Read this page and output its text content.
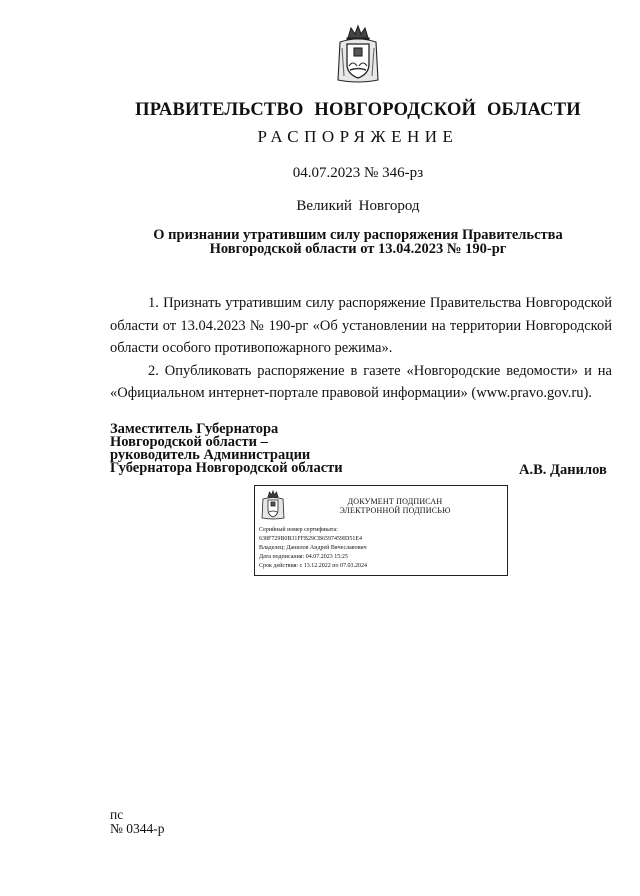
ПРАВИТЕЛЬСТВО НОВГОРОДСКОЙ ОБЛАСТИ
РАСПОРЯЖЕНИЕ
04.07.2023 № 346-рз
Великий Новгород
О признании утратившим силу распоряжения Правительства
Новгородской области от 13.04.2023 № 190-рг

1. Признать утратившим силу распоряжение Правительства Новгородской области от 13.04.2023 № 190-рг «Об установлении на территории Новгородской области особого противопожарного режима».

2. Опубликовать распоряжение в газете «Новгородские ведомости» и на «Официальном интернет-портале правовой информации» (www.pravo.gov.ru).

Заместитель Губернатора
Новгородской области –
руководитель Администрации
Губернатора Новгородской области	А.В. Данилов
ДОКУМЕНТ ПОДПИСАН
ЭЛЕКТРОННОЙ ПОДПИСЬЮ
Серийный номер сертификата:
638F729B0B31FFB29CB6597459ID51E4
Владелец: Данилов Андрей Вячеславович
Дата подписания: 04.07.2023 15:25
Срок действия: с 13.12.2022 по 07.03.2024
пс
№ 0344-р
